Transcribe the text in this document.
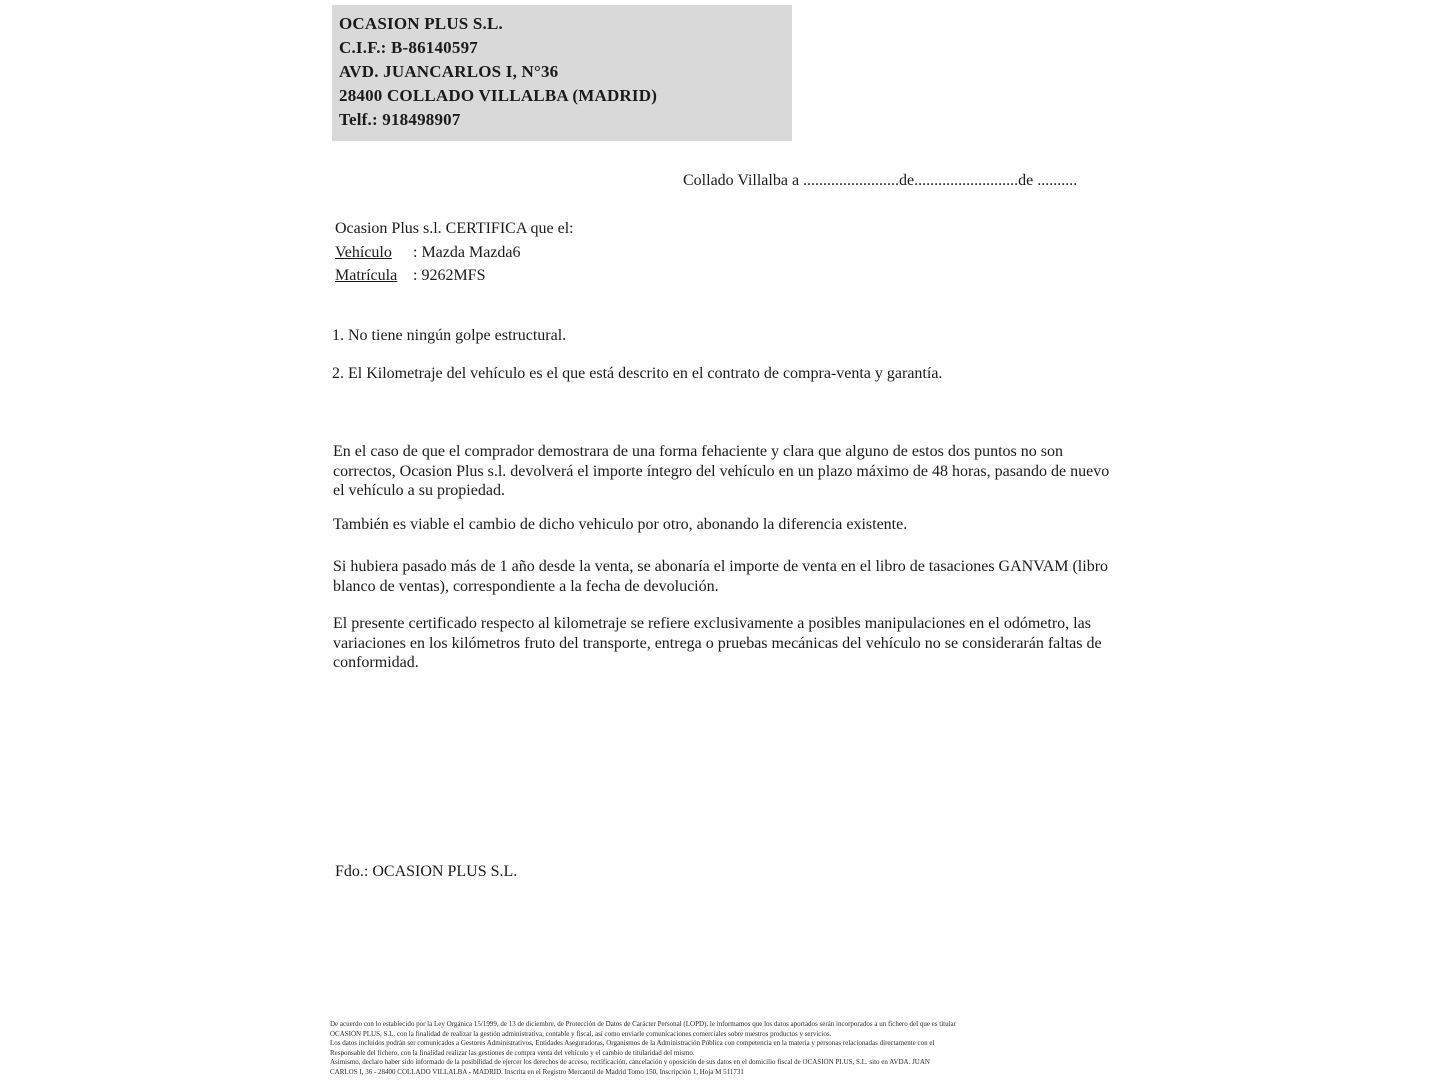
OCASION PLUS S.L.
C.I.F.: B-86140597
AVD. JUANCARLOS I, N°36
28400 COLLADO VILLALBA (MADRID)
Telf.: 918498907
Collado Villalba a ........................de..........................de ..........
Ocasion Plus s.l. CERTIFICA que el:
Vehículo : Mazda Mazda6
Matrícula : 9262MFS
1. No tiene ningún golpe estructural.
2. El Kilometraje del vehículo es el que está descrito en el contrato de compra-venta y garantía.
En el caso de que el comprador demostrara de una forma fehaciente y clara que alguno de estos dos puntos no son correctos, Ocasion Plus s.l. devolverá el importe íntegro del vehículo en un plazo máximo de 48 horas, pasando de nuevo el vehículo a su propiedad.
También es viable el cambio de dicho vehiculo por otro, abonando la diferencia existente.
Si hubiera pasado más de 1 año desde la venta, se abonaría el importe de venta en el libro de tasaciones GANVAM (libro blanco de ventas), correspondiente a la fecha de devolución.
El presente certificado respecto al kilometraje se refiere exclusivamente a posibles manipulaciones en el odómetro, las variaciones en los kilómetros fruto del transporte, entrega o pruebas mecánicas del vehículo no se considerarán faltas de conformidad.
Fdo.: OCASION PLUS S.L.
De acuerdo con lo establecido por la Ley Orgánica 15/1999, de 13 de diciembre, de Protección de Datos de Carácter Personal (LOPD), le informamos que los datos aportados serán incorporados a un fichero del que es titular
OCASIÓN PLUS, S.L. con la finalidad de realizar la gestión administrativa, contable y fiscal, así como enviarle comunicaciones comerciales sobre nuestros productos y servicios.
Los datos incluidos podrán ser comunicados a Gestores Administrativos, Entidades Aseguradoras, Organismos de la Administración Pública con competencia en la materia y personas relacionadas directamente con el
Responsable del fichero, con la finalidad realizar las gestiones de compra venta del vehículo y el cambio de titularidad del mismo.
Asimismo, declaro haber sido informado de la posibilidad de ejercer los derechos de acceso, rectificación, cancelación y oposición de sus datos en el domicilio fiscal de OCASIÓN PLUS, S.L. sito en AVDA. JUAN
CARLOS I, 36 - 28400 COLLADO VILLALBA - MADRID. Inscrita en el Registro Mercantil de Madrid Tomo 150, Inscripción 1, Hoja M 511731
